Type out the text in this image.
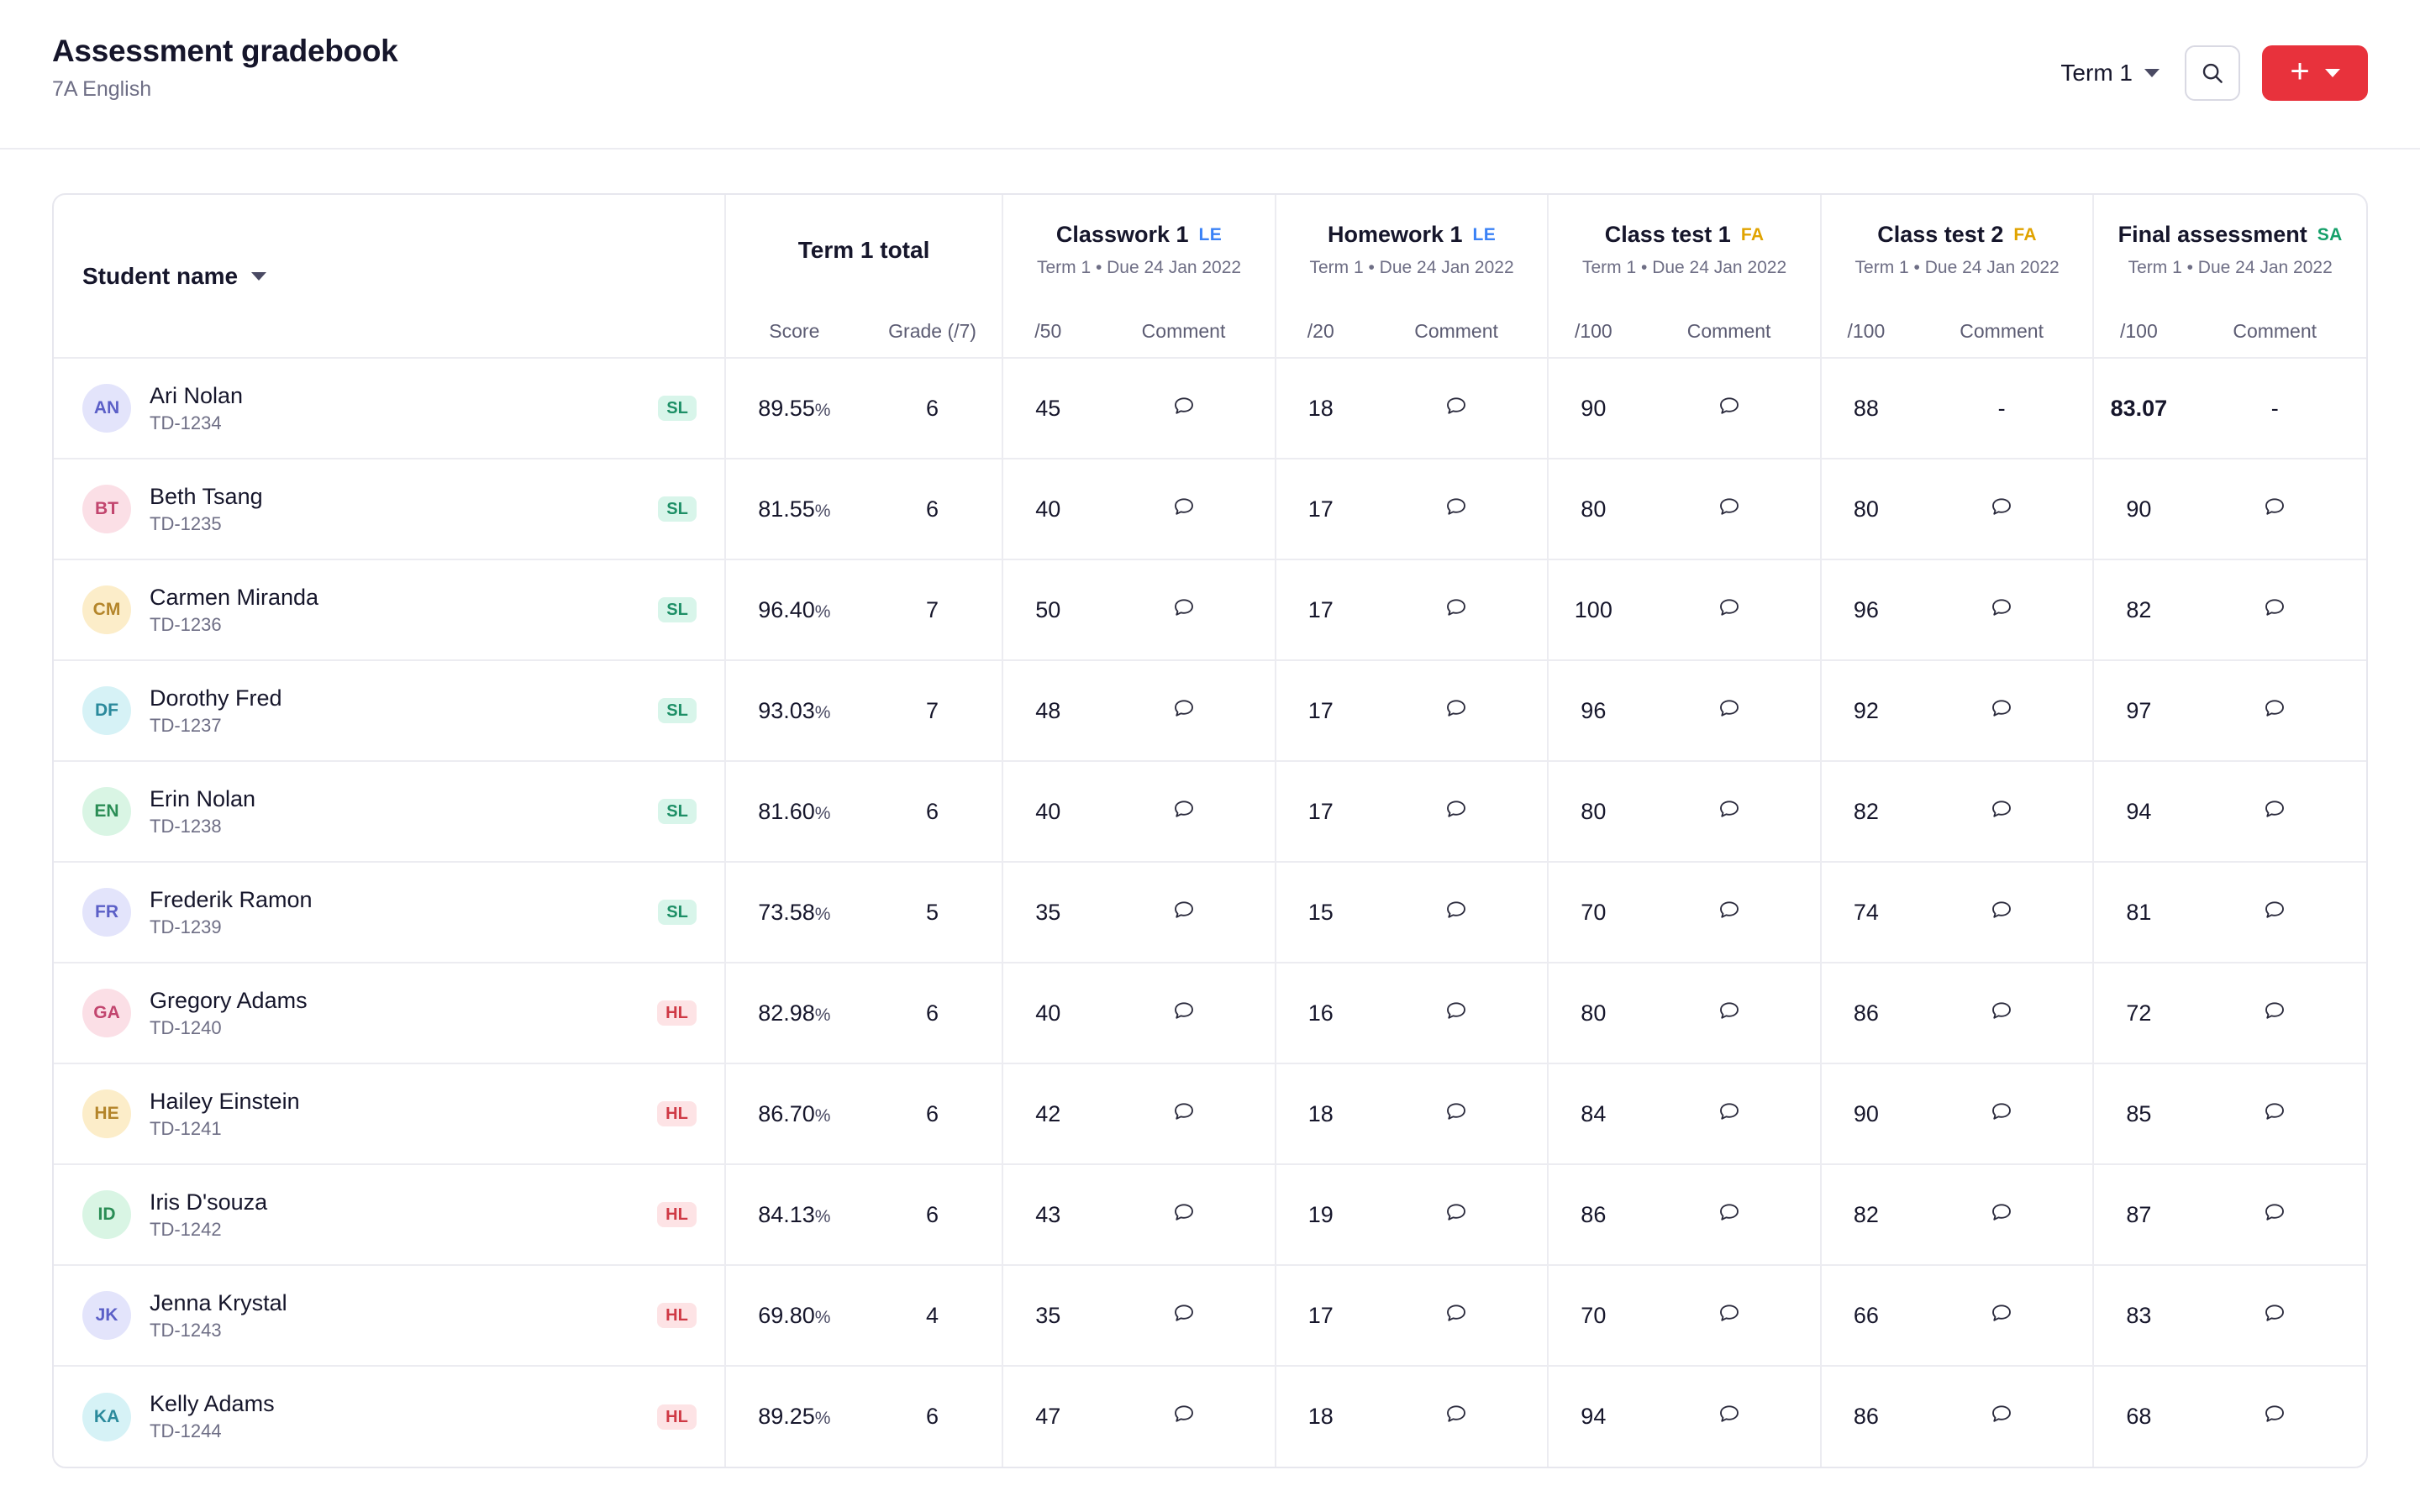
Assessment gradebook
7A English
Term 1	+
Student name
	Term 1 total	
Classwork 1 LE
Term 1 • Due 24 Jan 2022

Homework 1 LE
Term 1 • Due 24 Jan 2022

Class test 1 FA
Term 1 • Due 24 Jan 2022

Class test 2 FA
Term 1 • Due 24 Jan 2022

Final assessment SA
Term 1 • Due 24 Jan 2022

	Score	Grade (/7)	/50	Comment	/20	Comment	/100	Comment	/100	Comment	/100	Comment

AN Ari Nolan
TD-1234
SL	89.55%	6	45		18		90		88	-	83.07	-

BT Beth Tsang
TD-1235
SL	81.55%	6	40		17		80		80		90	

CM Carmen Miranda
TD-1236
SL	96.40%	7	50		17		100		96		82	

DF Dorothy Fred
TD-1237
SL	93.03%	7	48		17		96		92		97	

EN Erin Nolan
TD-1238
SL	81.60%	6	40		17		80		82		94	

FR Frederik Ramon
TD-1239
SL	73.58%	5	35		15		70		74		81	

GA Gregory Adams
TD-1240
HL	82.98%	6	40		16		80		86		72	

HE Hailey Einstein
TD-1241
HL	86.70%	6	42		18		84		90		85	

ID Iris D'souza
TD-1242
HL	84.13%	6	43		19		86		82		87	

JK Jenna Krystal
TD-1243
HL	69.80%	4	35		17		70		66		83	

KA Kelly Adams
TD-1244
HL	89.25%	6	47		18		94		86		68	
